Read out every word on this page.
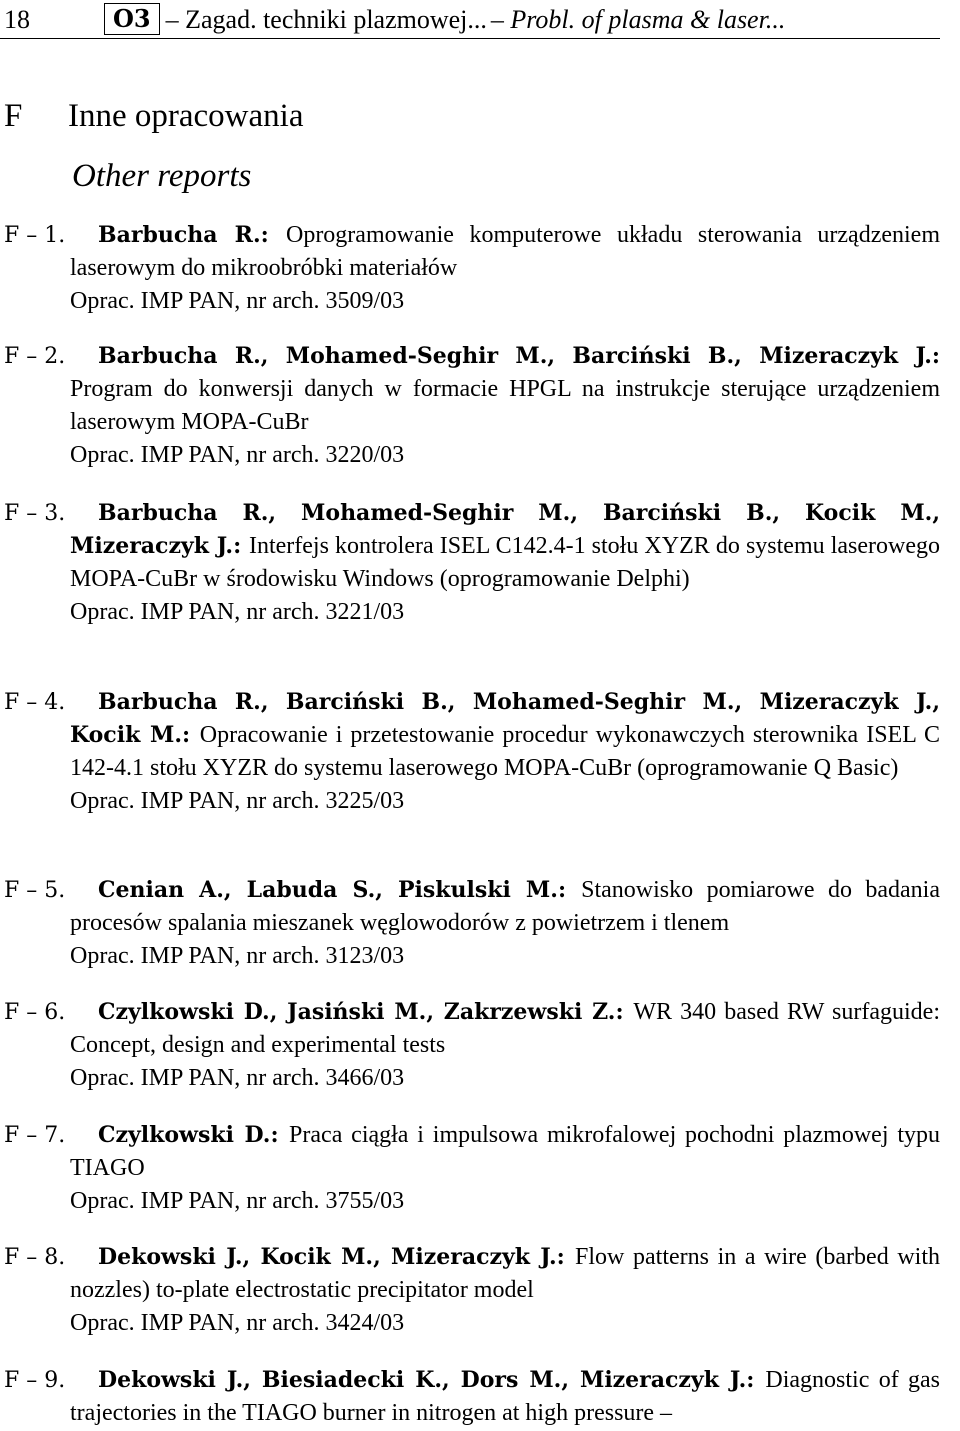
18	O3 – Zagad. techniki plazmowej... – Probl. of plasma & laser...
F Inne opracowania
Other reports
Barbucha R.: Oprogramowanie komputerowe układu sterowania urządzeniem laserowym do mikroobróbki materiałów
Oprac. IMP PAN, nr arch. 3509/03
F – 1.
Barbucha R., Mohamed-Seghir M., Barciński B., Mizeraczyk J.: Program do konwersji danych w formacie HPGL na instrukcje sterujące urządzeniem laserowym MOPA-CuBr
Oprac. IMP PAN, nr arch. 3220/03
F – 2.
Barbucha R., Mohamed-Seghir M., Barciński B., Kocik M., Mizeraczyk J.: Interfejs kontrolera ISEL C142.4-1 stołu XYZR do systemu laserowego MOPA-CuBr w środowisku Windows (oprogramowanie Delphi)
Oprac. IMP PAN, nr arch. 3221/03
F – 3.
Barbucha R., Barciński B., Mohamed-Seghir M., Mizeraczyk J., Kocik M.: Opracowanie i przetestowanie procedur wykonawczych sterownika ISEL C 142-4.1 stołu XYZR do systemu laserowego MOPA-CuBr (oprogramowanie Q Basic)
Oprac. IMP PAN, nr arch. 3225/03
F – 4.
Cenian A., Labuda S., Piskulski M.: Stanowisko pomiarowe do badania procesów spalania mieszanek węglowodorów z powietrzem i tlenem
Oprac. IMP PAN, nr arch. 3123/03
F – 5.
Czylkowski D., Jasiński M., Zakrzewski Z.: WR 340 based RW surfaguide: Concept, design and experimental tests
Oprac. IMP PAN, nr arch. 3466/03
F – 6.
Czylkowski D.: Praca ciągła i impulsowa mikrofalowej pochodni plazmowej typu TIAGO
Oprac. IMP PAN, nr arch. 3755/03
F – 7.
Dekowski J., Kocik M., Mizeraczyk J.: Flow patterns in a wire (barbed with nozzles) to-plate electrostatic precipitator model
Oprac. IMP PAN, nr arch. 3424/03
F – 8.
Dekowski J., Biesiadecki K., Dors M., Mizeraczyk J.: Diagnostic of gas trajectories in the TIAGO burner in nitrogen at high pressure –
F – 9.
